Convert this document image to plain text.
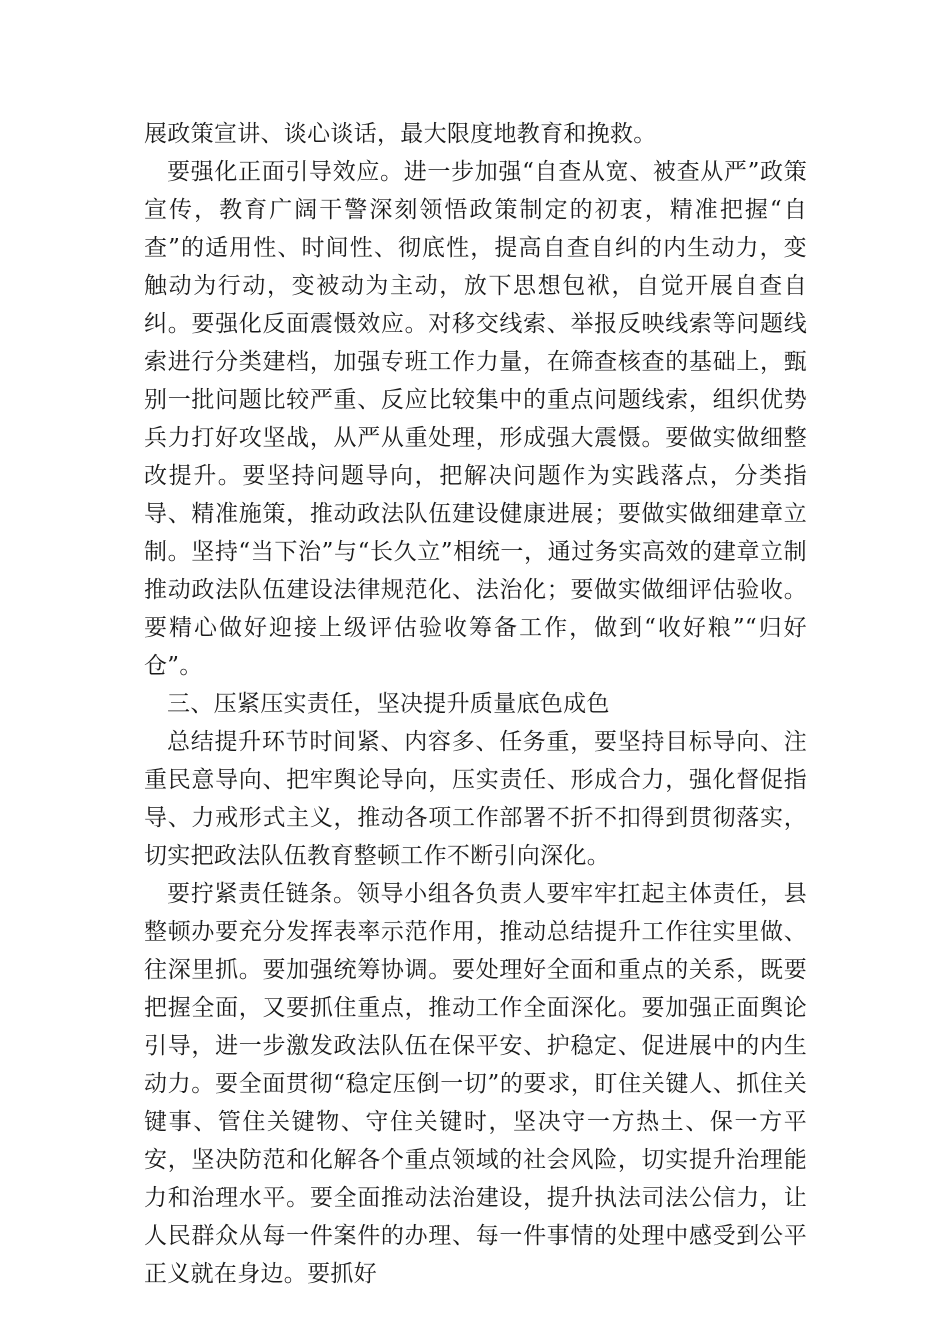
展政策宣讲、谈心谈话，最大限度地教育和挽救。

要强化正面引导效应。进一步加强“自查从宽、被查从严”政策宣传，教育广阔干警深刻领悟政策制定的初衷，精准把握“自查”的适用性、时间性、彻底性，提高自查自纠的内生动力，变触动为行动，变被动为主动，放下思想包袱，自觉开展自查自纠。要强化反面震慑效应。对移交线索、举报反映线索等问题线索进行分类建档，加强专班工作力量，在筛查核查的基础上，甄别一批问题比较严重、反应比较集中的重点问题线索，组织优势兵力打好攻坚战，从严从重处理，形成强大震慑。要做实做细整改提升。要坚持问题导向，把解决问题作为实践落点，分类指导、精准施策，推动政法队伍建设健康进展；要做实做细建章立制。坚持“当下治”与“长久立”相统一，通过务实高效的建章立制推动政法队伍建设法律规范化、法治化；要做实做细评估验收。要精心做好迎接上级评估验收筹备工作，做到“收好粮”“归好仓”。

三、压紧压实责任，坚决提升质量底色成色

总结提升环节时间紧、内容多、任务重，要坚持目标导向、注重民意导向、把牢舆论导向，压实责任、形成合力，强化督促指导、力戒形式主义，推动各项工作部署不折不扣得到贯彻落实，切实把政法队伍教育整顿工作不断引向深化。

要拧紧责任链条。领导小组各负责人要牢牢扛起主体责任，县整顿办要充分发挥表率示范作用，推动总结提升工作往实里做、往深里抓。要加强统筹协调。要处理好全面和重点的关系，既要把握全面，又要抓住重点，推动工作全面深化。要加强正面舆论引导，进一步激发政法队伍在保平安、护稳定、促进展中的内生动力。要全面贯彻“稳定压倒一切”的要求，盯住关键人、抓住关键事、管住关键物、守住关键时，坚决守一方热土、保一方平安，坚决防范和化解各个重点领域的社会风险，切实提升治理能力和治理水平。要全面推动法治建设，提升执法司法公信力，让人民群众从每一件案件的办理、每一件事情的处理中感受到公平正义就在身边。要抓好
